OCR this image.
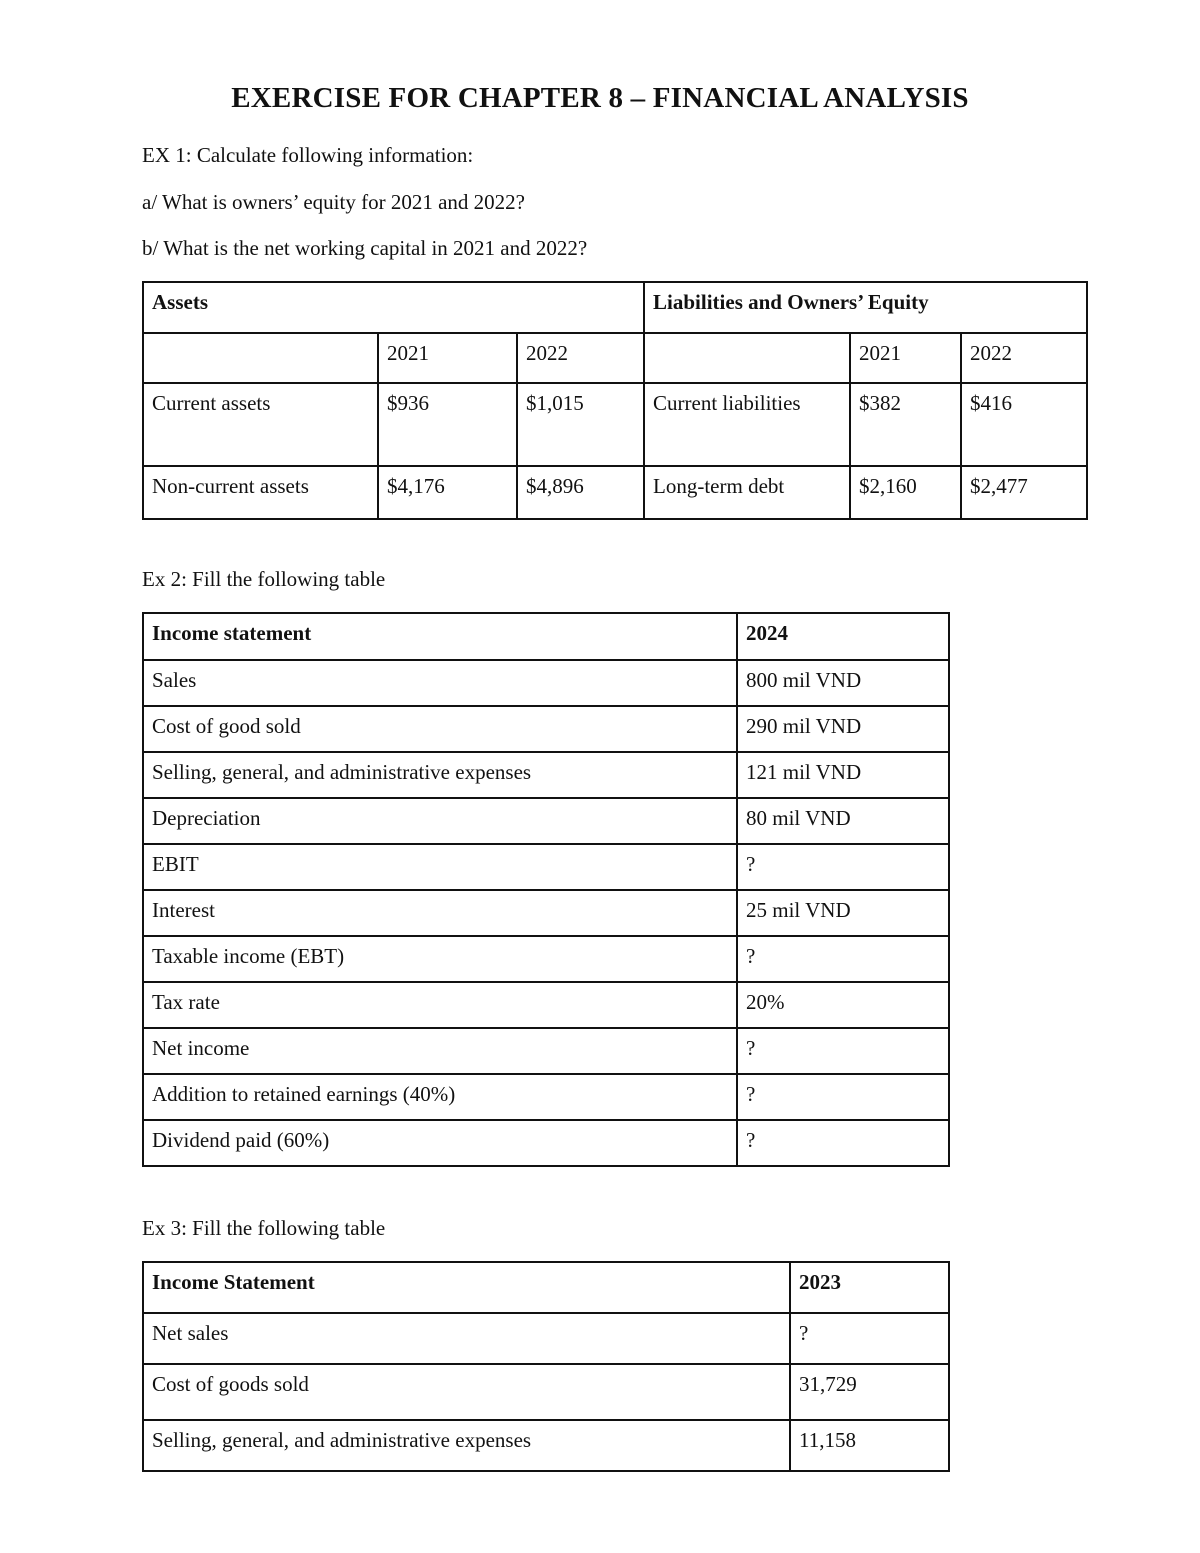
EXERCISE FOR CHAPTER 8 – FINANCIAL ANALYSIS
EX 1: Calculate following information:
a/ What is owners’ equity for 2021 and 2022?
b/ What is the net working capital in 2021 and 2022?
Assets			Liabilities and Owners’ Equity		
	2021	2022		2021	2022
Current assets	$936	$1,015	Current liabilities	$382	$416
Non-current assets	$4,176	$4,896	Long-term debt	$2,160	$2,477
Ex 2: Fill the following table
Income statement	2024
Sales	800 mil VND
Cost of good sold	290 mil VND
Selling, general, and administrative expenses	121 mil VND
Depreciation	80 mil VND
EBIT	?
Interest	25 mil VND
Taxable income (EBT)	?
Tax rate	20%
Net income	?
Addition to retained earnings (40%)	?
Dividend paid (60%)	?
Ex 3: Fill the following table
Income Statement	2023
Net sales	?
Cost of goods sold	31,729
Selling, general, and administrative expenses	11,158
